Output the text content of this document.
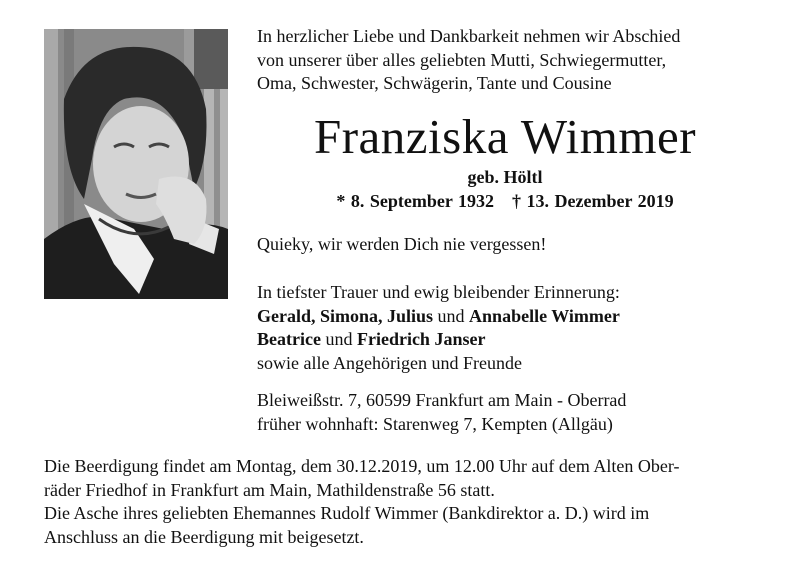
In herzlicher Liebe und Dankbarkeit nehmen wir Abschied
von unserer über alles geliebten Mutti, Schwiegermutter,
Oma, Schwester, Schwägerin, Tante und Cousine
Franziska Wimmer
geb. Höltl
* 8. September 1932 † 13. Dezember 2019
Quieky, wir werden Dich nie vergessen!
In tiefster Trauer und ewig bleibender Erinnerung:
Gerald, Simona, Julius und Annabelle Wimmer
Beatrice und Friedrich Janser
sowie alle Angehörigen und Freunde
Bleiweißstr. 7, 60599 Frankfurt am Main - Oberrad
früher wohnhaft: Starenweg 7, Kempten (Allgäu)
Die Beerdigung findet am Montag, dem 30.12.2019, um 12.00 Uhr auf dem Alten Ober-
räder Friedhof in Frankfurt am Main, Mathildenstraße 56 statt.
Die Asche ihres geliebten Ehemannes Rudolf Wimmer (Bankdirektor a. D.) wird im
Anschluss an die Beerdigung mit beigesetzt.
